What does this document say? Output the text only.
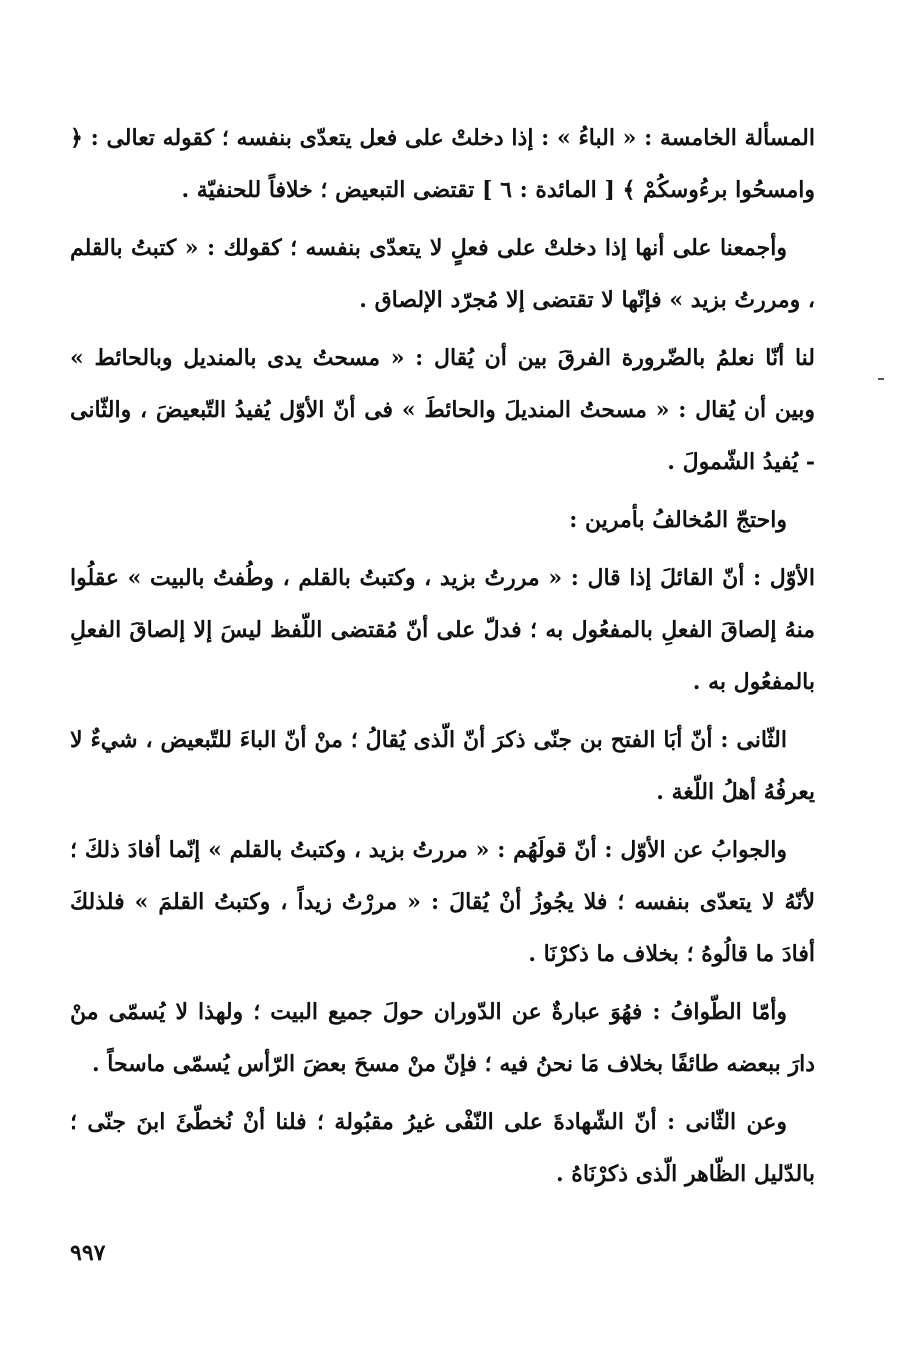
المسألة الخامسة : « الباءُ » : إذا دخلتْ على فعل يتعدّى بنفسه ؛ كقوله تعالى : ﴿ وامسحُوا برءُوسكُمْ ﴾ [ المائدة : ٦ ] تقتضى التبعيض ؛ خلافاً للحنفيّة .

وأجمعنا على أنها إذا دخلتْ على فعلٍ لا يتعدّى بنفسه ؛ كقولك : « كتبتُ بالقلم ، ومررتُ بزيد » فإنّها لا تقتضى إلا مُجرّد الإلصاق .

لنا أنّا نعلمُ بالضّرورة الفرقَ بين أن يُقال : « مسحتُ يدى بالمنديل وبالحائط » وبين أن يُقال : « مسحتُ المنديلَ والحائطَ » فى أنّ الأوّل يُفيدُ التّبعيضَ ، والثّانى - يُفيدُ الشّمولَ .

واحتجّ المُخالفُ بأمرين :

الأوّل : أنّ القائلَ إذا قال : « مررتُ بزيد ، وكتبتُ بالقلم ، وطُفتُ بالبيت » عقلُوا منهُ إلصاقَ الفعلِ بالمفعُول به ؛ فدلّ على أنّ مُقتضى اللّفظ ليسَ إلا إلصاقَ الفعلِ بالمفعُول به .

الثّانى : أنّ أبَا الفتح بن جنّى ذكرَ أنّ الّذى يُقالُ ؛ منْ أنّ الباءَ للتّبعيض ، شيءٌ لا يعرفُهُ أهلُ اللّغة .

والجوابُ عن الأوّل : أنّ قولَهُم : « مررتُ بزيد ، وكتبتُ بالقلم » إنّما أفادَ ذلكَ ؛ لأنّهُ لا يتعدّى بنفسه ؛ فلا يجُوزُ أنْ يُقالَ : « مررْتُ زيداً ، وكتبتُ القلمَ » فلذلكَ أفادَ ما قالُوهُ ؛ بخلاف ما ذكرْنَا .

وأمّا الطّوافُ : فهُوَ عبارةٌ عن الدّوران حولَ جميع البيت ؛ ولهذا لا يُسمّى منْ دارَ ببعضه طائفًا بخلاف مَا نحنُ فيه ؛ فإنّ منْ مسحَ بعضَ الرّأس يُسمّى ماسحاً .

وعن الثّانى : أنّ الشّهادةَ على النّفْى غيرُ مقبُولة ؛ فلنا أنْ نُخطّئَ ابنَ جنّى ؛ بالدّليل الظّاهر الّذى ذكرْنَاهُ .

٩٩٧
